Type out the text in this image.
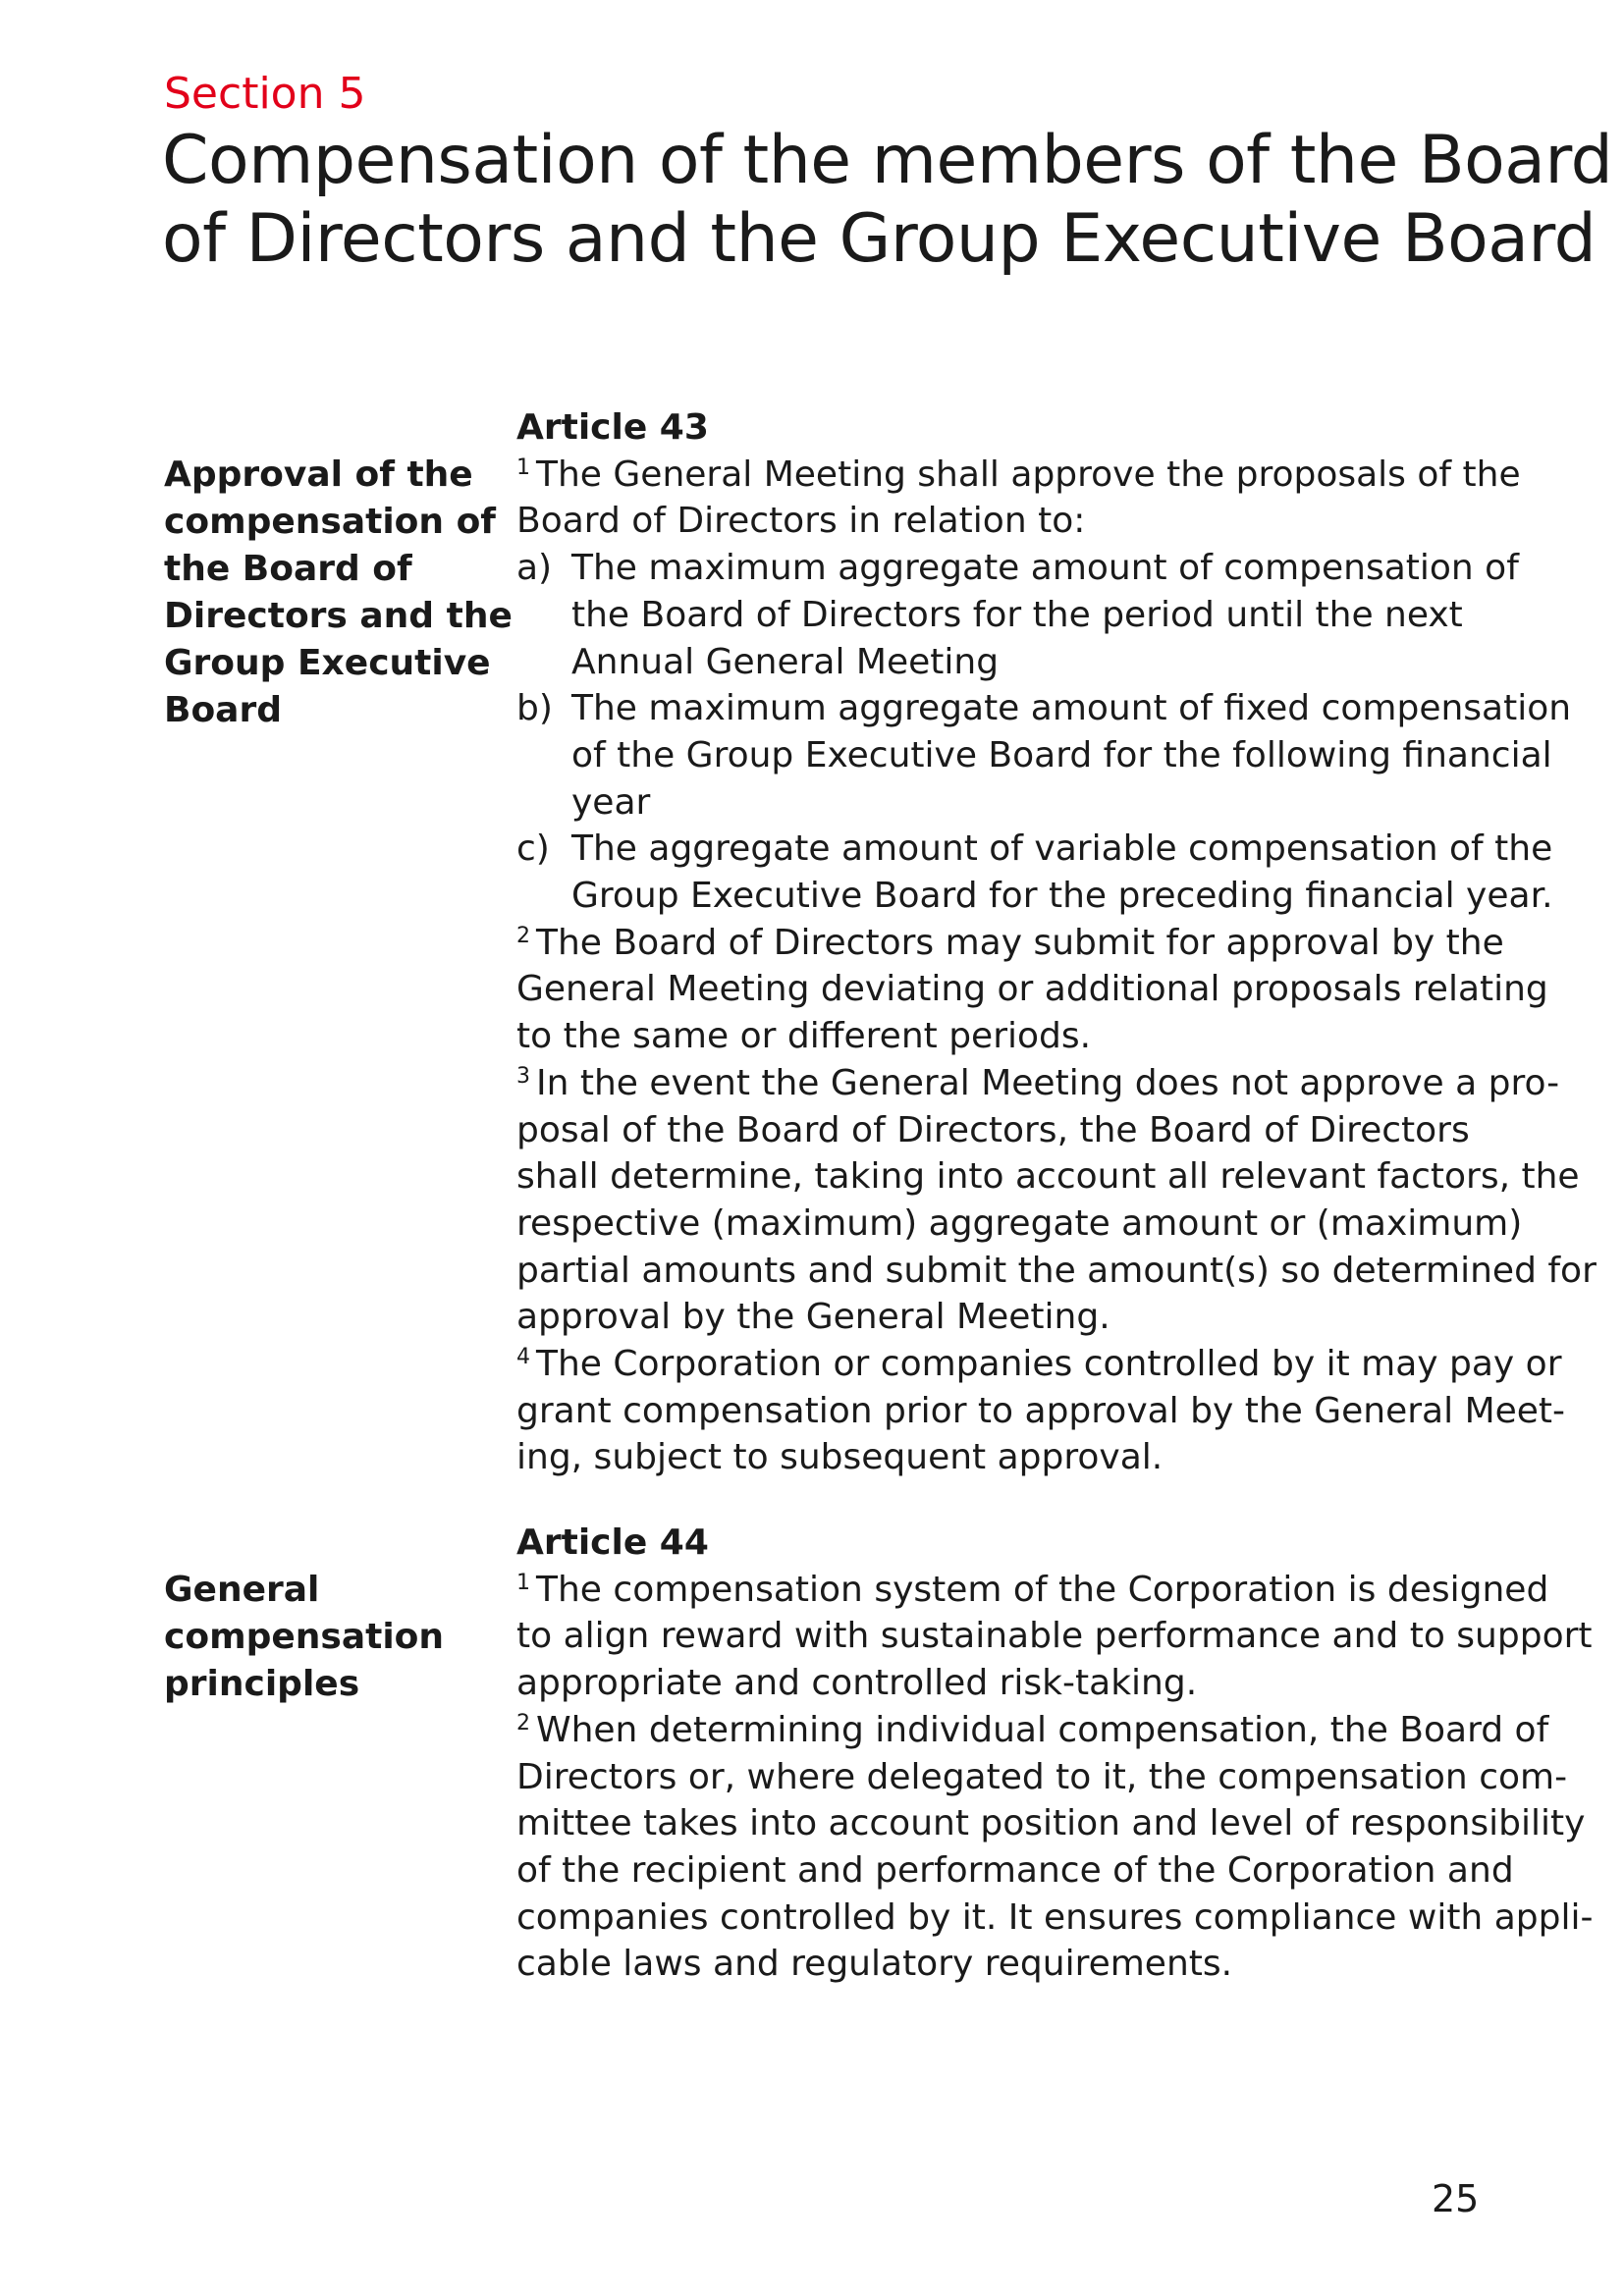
Section 5
Compensation of the members of the Board
of Directors and the Group Executive Board
Approval of the
compensation of
the Board of
Directors and the
Group Executive
Board
Article 43
$^1$ The General Meeting shall approve the proposals of the
Board of Directors in relation to:
a) The maximum aggregate amount of compensation of
the Board of Directors for the period until the next
Annual General Meeting
b) The maximum aggregate amount of fixed compensation
of the Group Executive Board for the following financial
year
c) The aggregate amount of variable compensation of the
Group Executive Board for the preceding financial year.
$^2$ The Board of Directors may submit for approval by the
General Meeting deviating or additional proposals relating
to the same or different periods.
$^3$ In the event the General Meeting does not approve a pro-
posal of the Board of Directors, the Board of Directors
shall determine, taking into account all relevant factors, the
respective (maximum) aggregate amount or (maximum)
partial amounts and submit the amount(s) so determined for
approval by the General Meeting.
$^4$ The Corporation or companies controlled by it may pay or
grant compensation prior to approval by the General Meet-
ing, subject to subsequent approval.
General
compensation
principles
Article 44
$^1$ The compensation system of the Corporation is designed
to align reward with sustainable performance and to support
appropriate and controlled risk-taking.
$^2$ When determining individual compensation, the Board of
Directors or, where delegated to it, the compensation com-
mittee takes into account position and level of responsibility
of the recipient and performance of the Corporation and
companies controlled by it. It ensures compliance with appli-
cable laws and regulatory requirements.
25
